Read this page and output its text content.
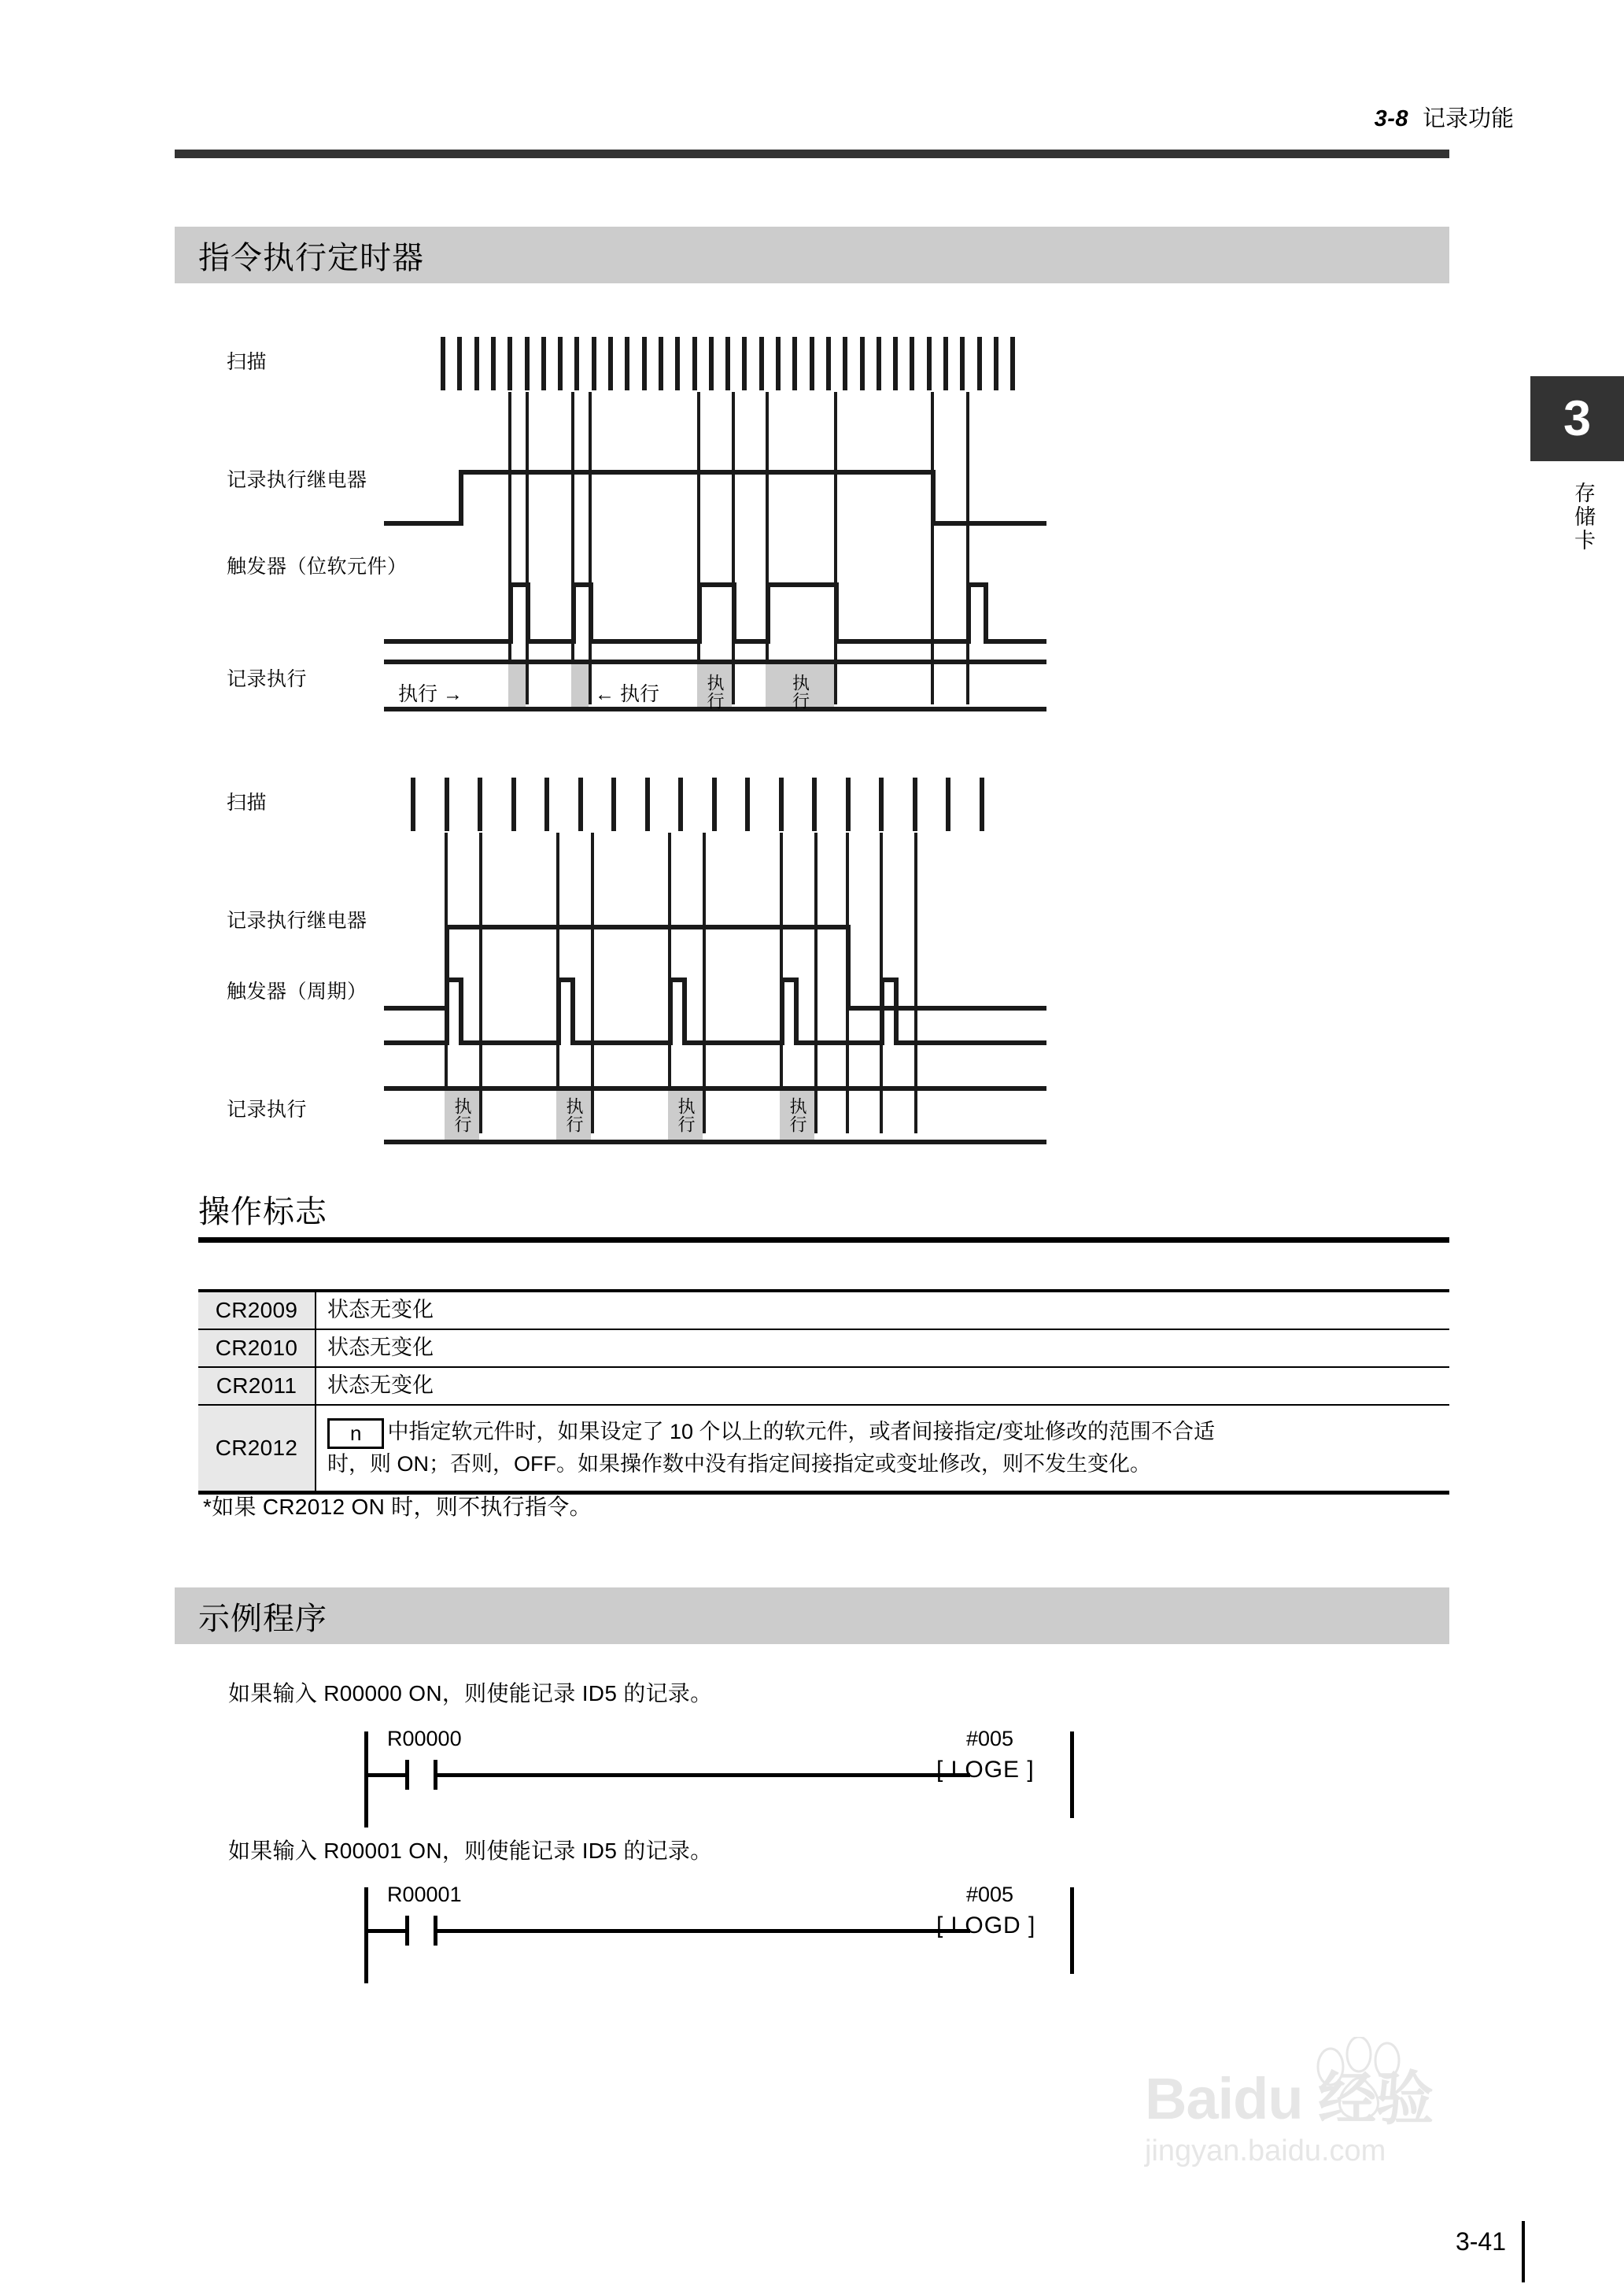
3-8 记录功能
3
存储卡
指令执行定时器
扫描
记录执行继电器
触发器（位软元件）
记录执行	执行	执行
执行 →	← 执行
扫描
记录执行继电器
触发器（周期）
记录执行	执行	执行	执行	执行
操作标志
CR2009	状态无变化
CR2010	状态无变化
CR2011	状态无变化
CR2012	n 中指定软元件时，如果设定了 10 个以上的软元件，或者间接指定/变址修改的范围不合适
时，则 ON；否则，OFF。如果操作数中没有指定间接指定或变址修改，则不发生变化。
*如果 CR2012 ON 时，则不执行指令。
示例程序
如果输入 R00000 ON，则使能记录 ID5 的记录。
R00000	#005
[ LOGE ]
如果输入 R00001 ON，则使能记录 ID5 的记录。
R00001	#005
[ LOGD ]
Baidu 经验
jingyan.baidu.com
3-41
